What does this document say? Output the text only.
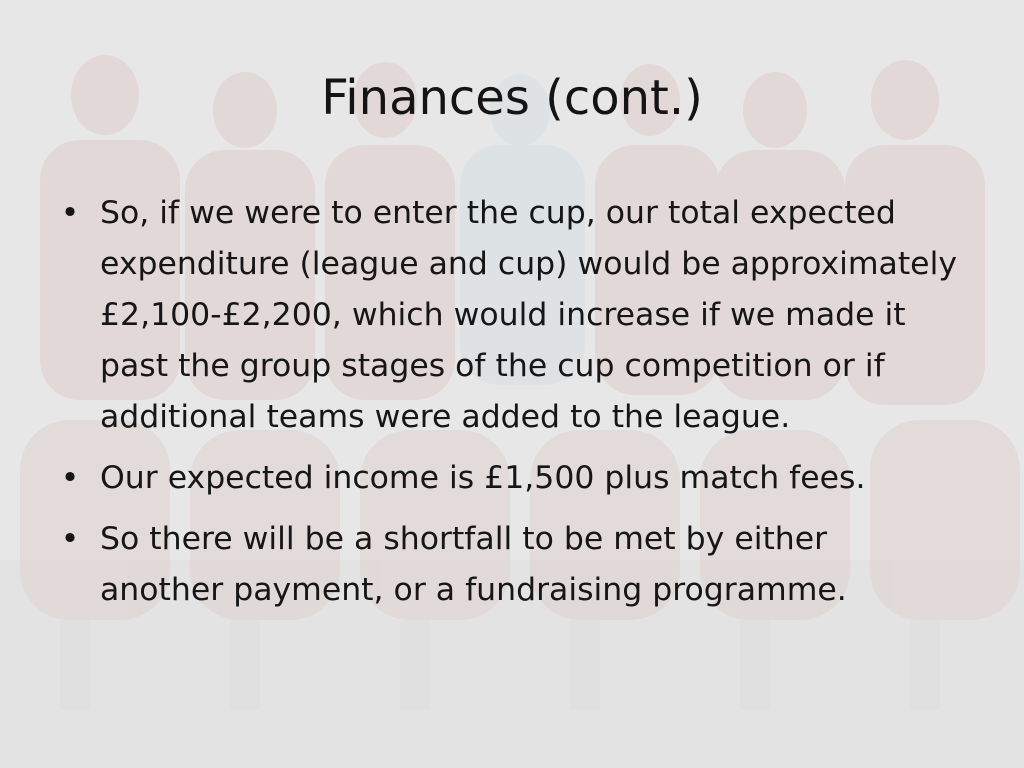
Finances (cont.)
• So, if we were to enter the cup, our total expected expenditure (league and cup) would be approximately £2,100-£2,200, which would increase if we made it past the group stages of the cup competition or if additional teams were added to the league.
• Our expected income is £1,500 plus match fees.
• So there will be a shortfall to be met by either another payment, or a fundraising programme.
